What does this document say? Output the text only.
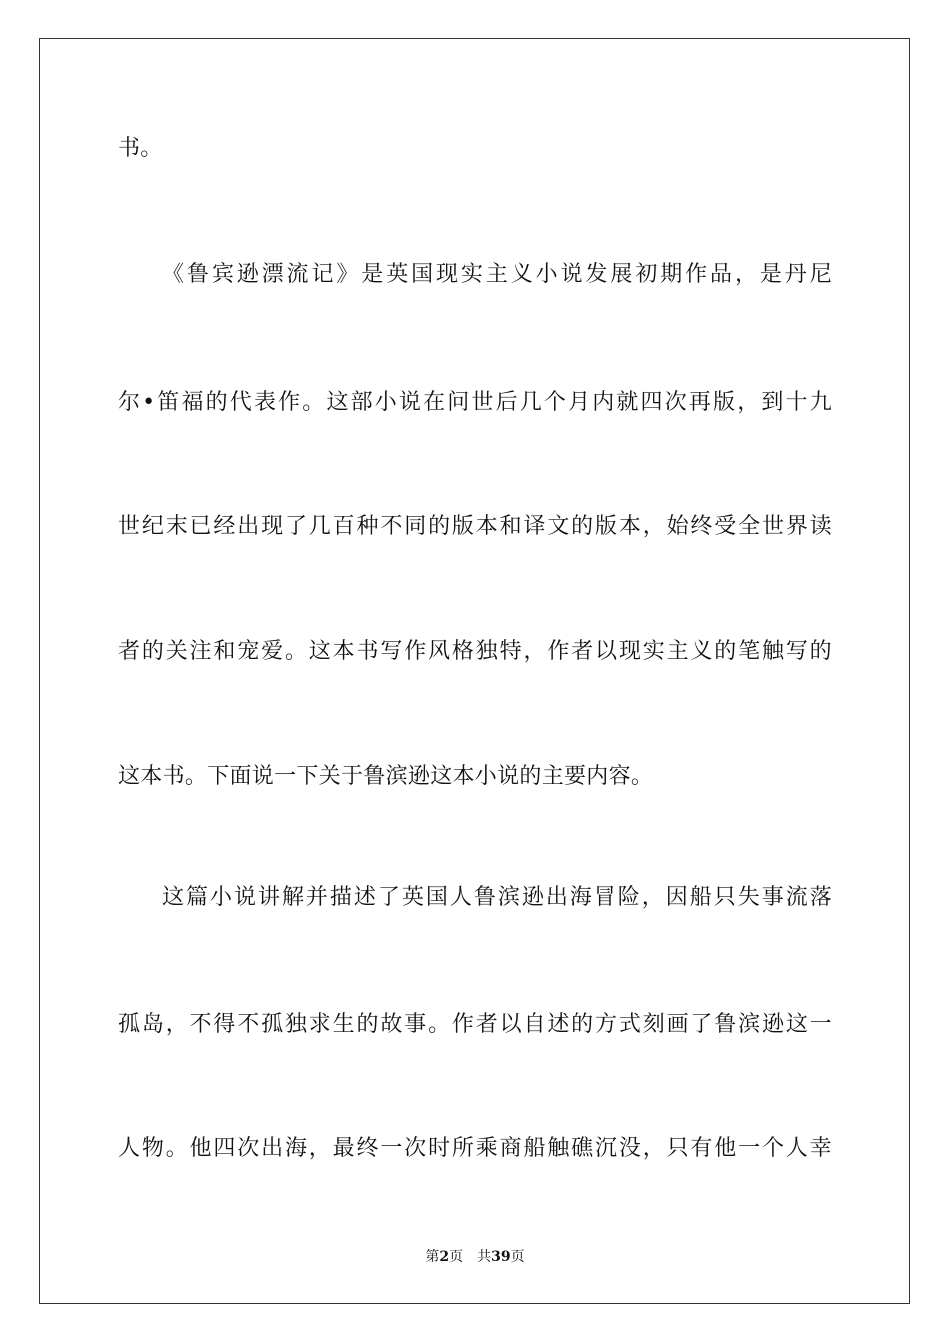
书。
《鲁宾逊漂流记》是英国现实主义小说发展初期作品，是丹尼
尔•笛福的代表作。这部小说在问世后几个月内就四次再版，到十九
世纪末已经出现了几百种不同的版本和译文的版本，始终受全世界读
者的关注和宠爱。这本书写作风格独特，作者以现实主义的笔触写的
这本书。下面说一下关于鲁滨逊这本小说的主要内容。
这篇小说讲解并描述了英国人鲁滨逊出海冒险，因船只失事流落
孤岛，不得不孤独求生的故事。作者以自述的方式刻画了鲁滨逊这一
人物。他四次出海，最终一次时所乘商船触礁沉没，只有他一个人幸
第2页 共39页
